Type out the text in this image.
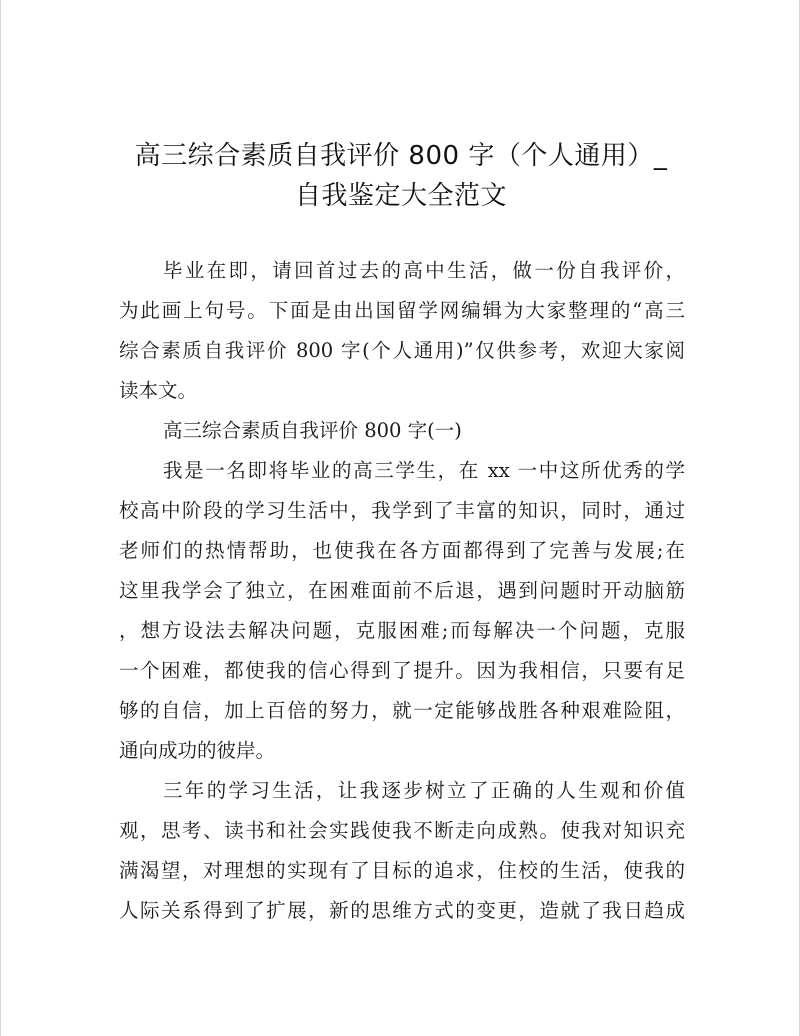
高三综合素质自我评价 800 字（个人通用）_
自我鉴定大全范文
毕业在即，请回首过去的高中生活，做一份自我评价，
为此画上句号。下面是由出国留学网编辑为大家整理的“高三
综合素质自我评价 800 字(个人通用)”仅供参考，欢迎大家阅
读本文。
高三综合素质自我评价 800 字(一)
我是一名即将毕业的高三学生，在 xx 一中这所优秀的学
校高中阶段的学习生活中，我学到了丰富的知识，同时，通过
老师们的热情帮助，也使我在各方面都得到了完善与发展;在
这里我学会了独立，在困难面前不后退，遇到问题时开动脑筋
，想方设法去解决问题，克服困难;而每解决一个问题，克服
一个困难，都使我的信心得到了提升。因为我相信，只要有足
够的自信，加上百倍的努力，就一定能够战胜各种艰难险阻，
通向成功的彼岸。
三年的学习生活，让我逐步树立了正确的人生观和价值
观，思考、读书和社会实践使我不断走向成熟。使我对知识充
满渴望，对理想的实现有了目标的追求，住校的生活，使我的
人际关系得到了扩展，新的思维方式的变更，造就了我日趋成
